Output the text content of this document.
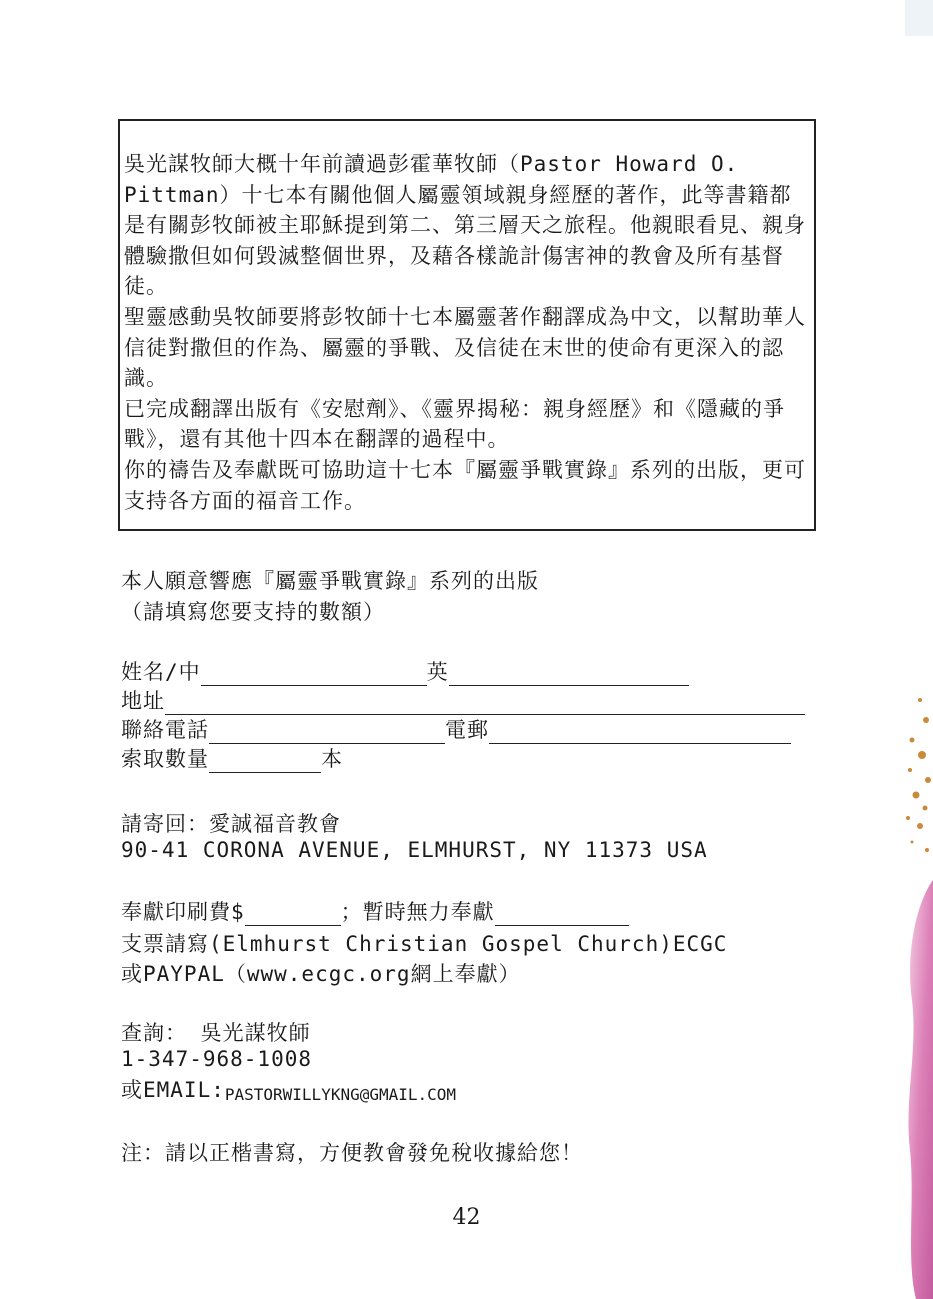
吳光謀牧師大概十年前讀過彭霍華牧師（Pastor Howard O. Pittman）十七本有關他個人屬靈領域親身經歷的著作，此等書籍都是有關彭牧師被主耶穌提到第二、第三層天之旅程。他親眼看見、親身體驗撒但如何毀滅整個世界，及藉各樣詭計傷害神的教會及所有基督徒。

聖靈感動吳牧師要將彭牧師十七本屬靈著作翻譯成為中文，以幫助華人信徒對撒但的作為、屬靈的爭戰、及信徒在末世的使命有更深入的認識。

已完成翻譯出版有《安慰劑》、《靈界揭秘：親身經歷》和《隱藏的爭戰》，還有其他十四本在翻譯的過程中。

你的禱告及奉獻既可協助這十七本『屬靈爭戰實錄』系列的出版，更可支持各方面的福音工作。

本人願意響應『屬靈爭戰實錄』系列的出版
（請填寫您要支持的數額）
姓名/中	英
地址
聯絡電話	電郵
索取數量	本
請寄回：愛誠福音教會
90-41 CORONA AVENUE, ELMHURST, NY 11373 USA
奉獻印刷費$	；暫時無力奉獻
支票請寫(Elmhurst Christian Gospel Church)ECGC
或PAYPAL（www.ecgc.org網上奉獻）
查詢： 吳光謀牧師
1-347-968-1008
或EMAIL: PASTORWILLYKNG@GMAIL.COM
注：請以正楷書寫，方便教會發免稅收據給您！
42
